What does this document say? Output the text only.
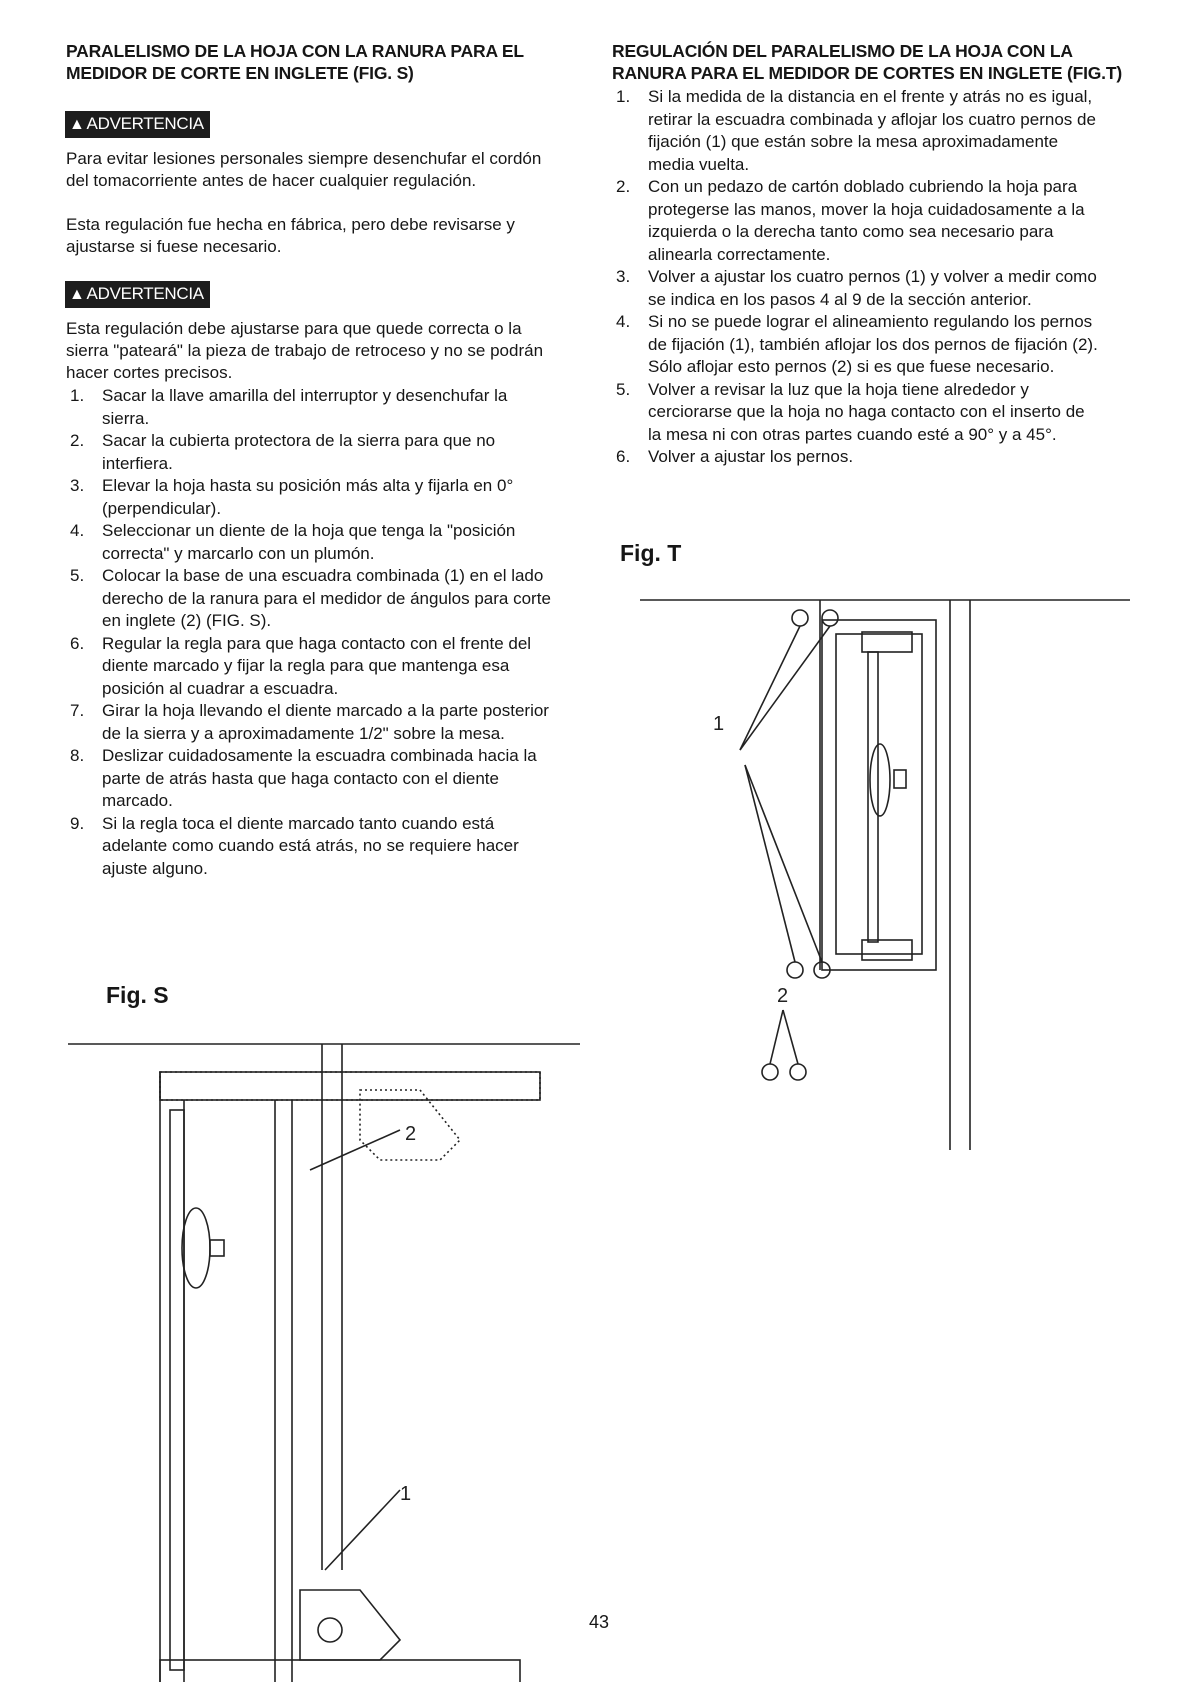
PARALELISMO DE LA HOJA CON LA RANURA PARA EL
MEDIDOR DE CORTE EN INGLETE (FIG. S)
▲ ADVERTENCIA
Para evitar lesiones personales siempre desenchufar el cordón
del tomacorriente antes de hacer cualquier regulación.
Esta regulación fue hecha en fábrica, pero debe revisarse y
ajustarse si fuese necesario.
▲ ADVERTENCIA
Esta regulación debe ajustarse para que quede correcta o la
sierra "pateará" la pieza de trabajo de retroceso y no se podrán
hacer cortes precisos.
1. Sacar la llave amarilla del interruptor y desenchufar la
sierra.
2. Sacar la cubierta protectora de la sierra para que no
interfiera.
3. Elevar la hoja hasta su posición más alta y fijarla en 0°
(perpendicular).
4. Seleccionar un diente de la hoja que tenga la "posición
correcta" y marcarlo con un plumón.
5. Colocar la base de una escuadra combinada (1) en el lado
derecho de la ranura para el medidor de ángulos para corte
en inglete (2) (FIG. S).
6. Regular la regla para que haga contacto con el frente del
diente marcado y fijar la regla para que mantenga esa
posición al cuadrar a escuadra.
7. Girar la hoja llevando el diente marcado a la parte posterior
de la sierra y a aproximadamente 1/2" sobre la mesa.
8. Deslizar cuidadosamente la escuadra combinada hacia la
parte de atrás hasta que haga contacto con el diente
marcado.
9. Si la regla toca el diente marcado tanto cuando está
adelante como cuando está atrás, no se requiere hacer
ajuste alguno.
Fig. S
1
2
REGULACIÓN DEL PARALELISMO DE LA HOJA CON LA
RANURA PARA EL MEDIDOR DE CORTES EN INGLETE (FIG.T)
1. Si la medida de la distancia en el frente y atrás no es igual,
retirar la escuadra combinada y aflojar los cuatro pernos de
fijación (1) que están sobre la mesa aproximadamente
media vuelta.
2. Con un pedazo de cartón doblado cubriendo la hoja para
protegerse las manos, mover la hoja cuidadosamente a la
izquierda o la derecha tanto como sea necesario para
alinearla correctamente.
3. Volver a ajustar los cuatro pernos (1) y volver a medir como
se indica en los pasos 4 al 9 de la sección anterior.
4. Si no se puede lograr el alineamiento regulando los pernos
de fijación (1), también aflojar los dos pernos de fijación (2).
Sólo aflojar esto pernos (2) si es que fuese necesario.
5. Volver a revisar la luz que la hoja tiene alrededor y
cerciorarse que la hoja no haga contacto con el inserto de
la mesa ni con otras partes cuando esté a 90° y a 45°.
6. Volver a ajustar los pernos.
Fig. T
1
2
43
